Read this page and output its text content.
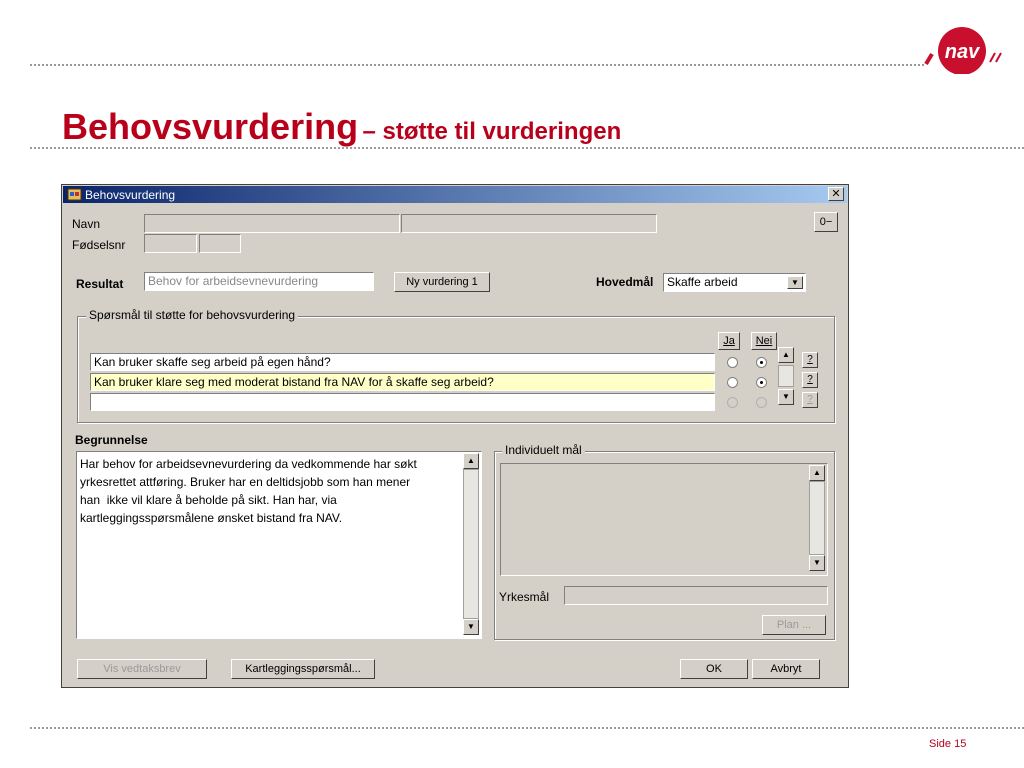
nav
Behovsvurdering – støtte til vurderingen
Side 15
Behovsvurdering	✕
Navn	0−
Fødselsnr
Resultat	Behov for arbeidsevnevurdering	Ny vurdering 1	Hovedmål	Skaffe arbeid	▼
Spørsmål til støtte for behovsvurdering
Ja	Nei
Kan bruker skaffe seg arbeid på egen hånd?
Kan bruker klare seg med moderat bistand fra NAV for å skaffe seg arbeid?
▲
▼
?
?
?
Begrunnelse
Har behov for arbeidsevnevurdering da vedkommende har søkt
yrkesrettet attføring. Bruker har en deltidsjobb som han mener
han  ikke vil klare å beholde på sikt. Han har, via
kartleggingsspørsmålene ønsket bistand fra NAV.
▲
▼
Individuelt mål
▲
▼
Yrkesmål
Plan ...
Vis vedtaksbrev	Kartleggingsspørsmål...	OK	Avbryt
